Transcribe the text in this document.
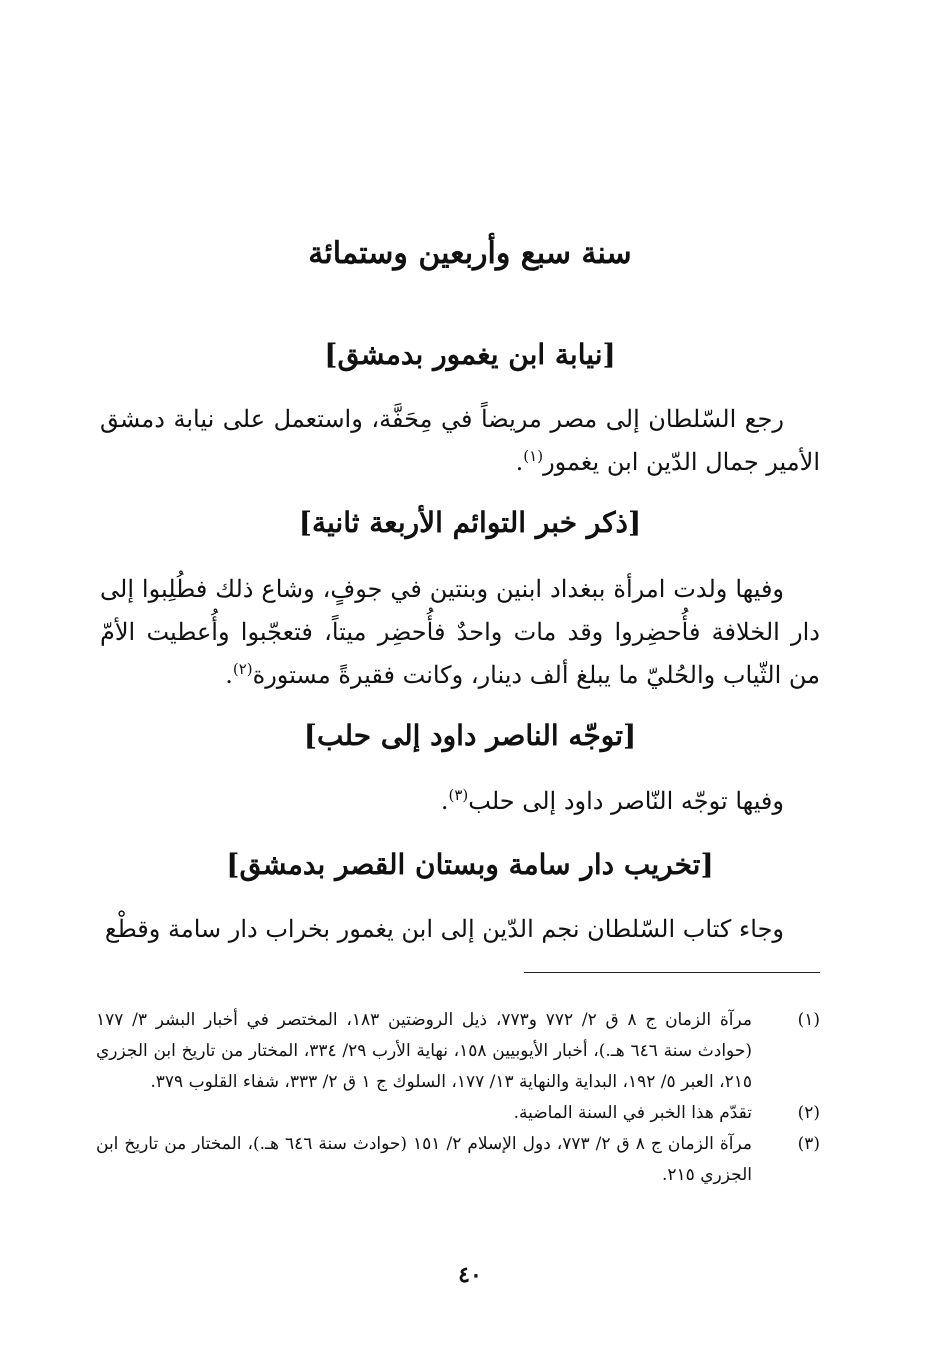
سنة سبع وأربعين وستمائة
[نيابة ابن يغمور بدمشق]

رجع السّلطان إلى مصر مريضاً في مِحَفَّة، واستعمل على نيابة دمشق الأمير جمال الدّين ابن يغمور$^{(١)}$.

[ذكر خبر التوائم الأربعة ثانية]

وفيها ولدت امرأة ببغداد ابنين وبنتين في جوفٍ، وشاع ذلك فطُلِبوا إلى دار الخلافة فأُحضِروا وقد مات واحدٌ فأُحضِر ميتاً، فتعجّبوا وأُعطيت الأمّ من الثّياب والحُليّ ما يبلغ ألف دينار، وكانت فقيرةً مستورة$^{(٢)}$.

[توجّه الناصر داود إلى حلب]

وفيها توجّه النّاصر داود إلى حلب$^{(٣)}$.

[تخريب دار سامة وبستان القصر بدمشق]

وجاء كتاب السّلطان نجم الدّين إلى ابن يغمور بخراب دار سامة وقطْع

(١)
مرآة الزمان ج ٨ ق ٢/ ٧٧٢ و٧٧٣، ذيل الروضتين ١٨٣، المختصر في أخبار البشر ٣/ ١٧٧ (حوادث سنة ٦٤٦ هـ.)، أخبار الأيوبيين ١٥٨، نهاية الأرب ٢٩/ ٣٣٤، المختار من تاريخ ابن الجزري ٢١٥، العبر ٥/ ١٩٢، البداية والنهاية ١٣/ ١٧٧، السلوك ج ١ ق ٢/ ٣٣٣، شفاء القلوب ٣٧٩.
(٢)
تقدّم هذا الخبر في السنة الماضية.
(٣)
مرآة الزمان ج ٨ ق ٢/ ٧٧٣، دول الإسلام ٢/ ١٥١ (حوادث سنة ٦٤٦ هـ.)، المختار من تاريخ ابن الجزري ٢١٥.
٤٠
